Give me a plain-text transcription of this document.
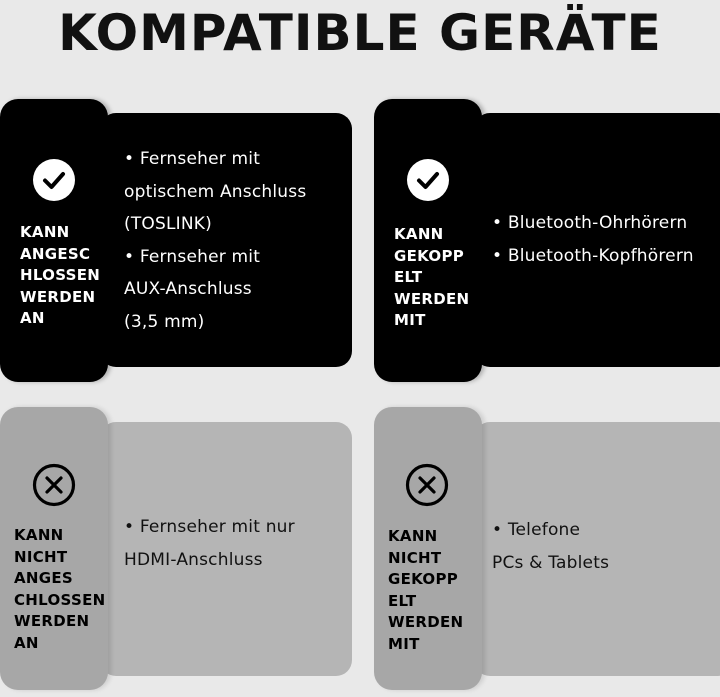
KOMPATIBLE GERÄTE
KANN
ANGESC
HLOSSEN
WERDEN
AN
• Fernseher mit
optischem Anschluss
(TOSLINK)
• Fernseher mit
AUX-Anschluss
(3,5 mm)
KANN
GEKOPP
ELT
WERDEN
MIT
• Bluetooth-Ohrhörern
• Bluetooth-Kopfhörern
KANN
NICHT
ANGES
CHLOSSEN
WERDEN
AN
• Fernseher mit nur
HDMI-Anschluss
KANN
NICHT
GEKOPP
ELT
WERDEN
MIT
• Telefone
PCs & Tablets
